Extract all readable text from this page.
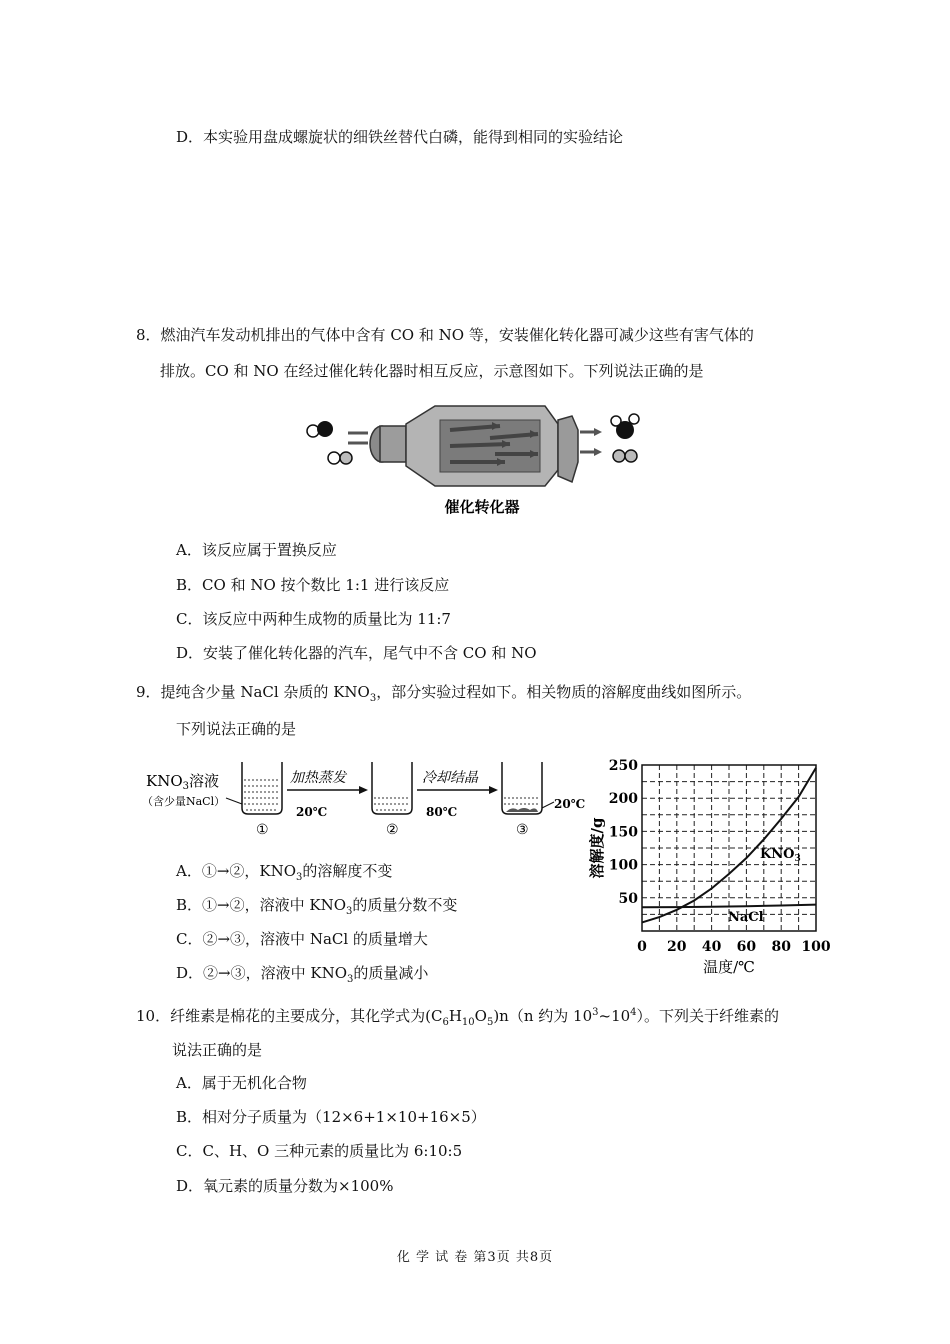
D．本实验用盘成螺旋状的细铁丝替代白磷，能得到相同的实验结论
8．燃油汽车发动机排出的气体中含有 CO 和 NO 等，安装催化转化器可减少这些有害气体的
排放。CO 和 NO 在经过催化转化器时相互反应，示意图如下。下列说法正确的是
催化转化器
A．该反应属于置换反应
B．CO 和 NO 按个数比 1:1 进行该反应
C．该反应中两种生成物的质量比为 11:7
D．安装了催化转化器的汽车，尾气中不含 CO 和 NO
9．提纯含少量 NaCl 杂质的 $KNO_3$，部分实验过程如下。相关物质的溶解度曲线如图所示。
下列说法正确的是
$KNO_3$溶液
（含少量NaCl）
20℃
①
加热蒸发
80℃
②
冷却结晶
20℃
③
0 20 40 60 80 100
50
100
150
200
250
溶解度/g
温度/℃
$KNO_3$
NaCl
A．①→②，$KNO_3$的溶解度不变
B．①→②，溶液中 $KNO_3$的质量分数不变
C．②→③，溶液中 NaCl 的质量增大
D．②→③，溶液中 $KNO_3$的质量减小
10．纤维素是棉花的主要成分，其化学式为$(C_6H_{10}O_5)n(n$ 约为 $10^3\sim 10^4$）。下列关于纤维素的
说法正确的是
A．属于无机化合物
B．相对分子质量为（12×6+1×10+16×5）
C．C、H、O 三种元素的质量比为 6:10:5
D．氧元素的质量分数为×100%
化 学 试 卷 第3页 共8页
